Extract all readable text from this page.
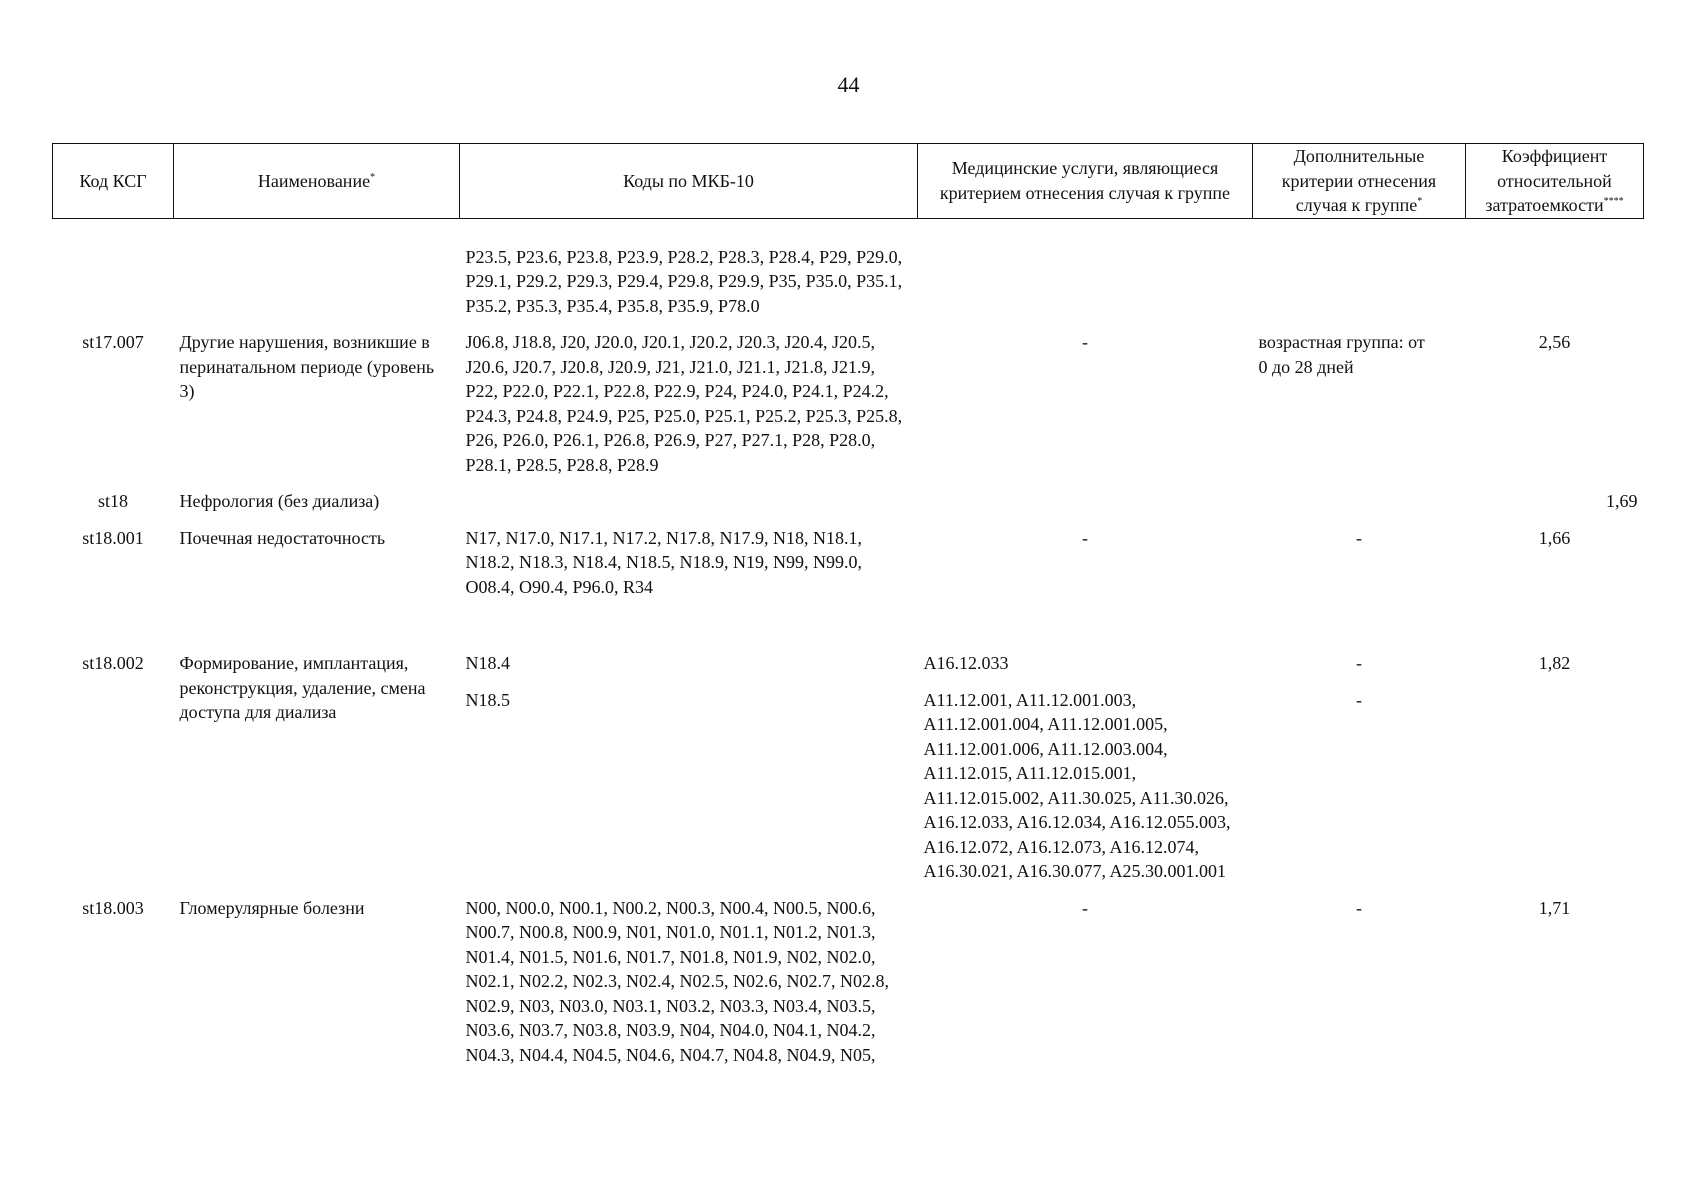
44
Код КСГ	Наименование*	Коды по МКБ-10	Медицинские услуги, являющиеся критерием отнесения случая к группе	Дополнительные критерии отнесения случая к группе*	Коэффициент относительной затратоемкости****

		P23.5, P23.6, P23.8, P23.9, P28.2, P28.3, P28.4, P29, P29.0, P29.1, P29.2, P29.3, P29.4, P29.8, P29.9, P35, P35.0, P35.1, P35.2, P35.3, P35.4, P35.8, P35.9, P78.0			

st17.007	Другие нарушения, возникшие в перинатальном периоде (уровень 3)	J06.8, J18.8, J20, J20.0, J20.1, J20.2, J20.3, J20.4, J20.5, J20.6, J20.7, J20.8, J20.9, J21, J21.0, J21.1, J21.8, J21.9, P22, P22.0, P22.1, P22.8, P22.9, P24, P24.0, P24.1, P24.2, P24.3, P24.8, P24.9, P25, P25.0, P25.1, P25.2, P25.3, P25.8, P26, P26.0, P26.1, P26.8, P26.9, P27, P27.1, P28, P28.0, P28.1, P28.5, P28.8, P28.9	-	возрастная группа: от 0 до 28 дней	2,56

st18	Нефрология (без диализа)				1,69

st18.001	Почечная недостаточность	N17, N17.0, N17.1, N17.2, N17.8, N17.9, N18, N18.1, N18.2, N18.3, N18.4, N18.5, N18.9, N19, N99, N99.0, O08.4, O90.4, P96.0, R34	-	-	1,66

st18.002	Формирование, имплантация, реконструкция, удаление, смена доступа для диализа	N18.4	A16.12.033	-	1,82

		N18.5	A11.12.001, A11.12.001.003, A11.12.001.004, A11.12.001.005, A11.12.001.006, A11.12.003.004, A11.12.015, A11.12.015.001, A11.12.015.002, A11.30.025, A11.30.026, A16.12.033, A16.12.034, A16.12.055.003, A16.12.072, A16.12.073, A16.12.074, A16.30.021, A16.30.077, A25.30.001.001	-	

st18.003	Гломерулярные болезни	N00, N00.0, N00.1, N00.2, N00.3, N00.4, N00.5, N00.6, N00.7, N00.8, N00.9, N01, N01.0, N01.1, N01.2, N01.3, N01.4, N01.5, N01.6, N01.7, N01.8, N01.9, N02, N02.0, N02.1, N02.2, N02.3, N02.4, N02.5, N02.6, N02.7, N02.8, N02.9, N03, N03.0, N03.1, N03.2, N03.3, N03.4, N03.5, N03.6, N03.7, N03.8, N03.9, N04, N04.0, N04.1, N04.2, N04.3, N04.4, N04.5, N04.6, N04.7, N04.8, N04.9, N05,	-	-	1,71
